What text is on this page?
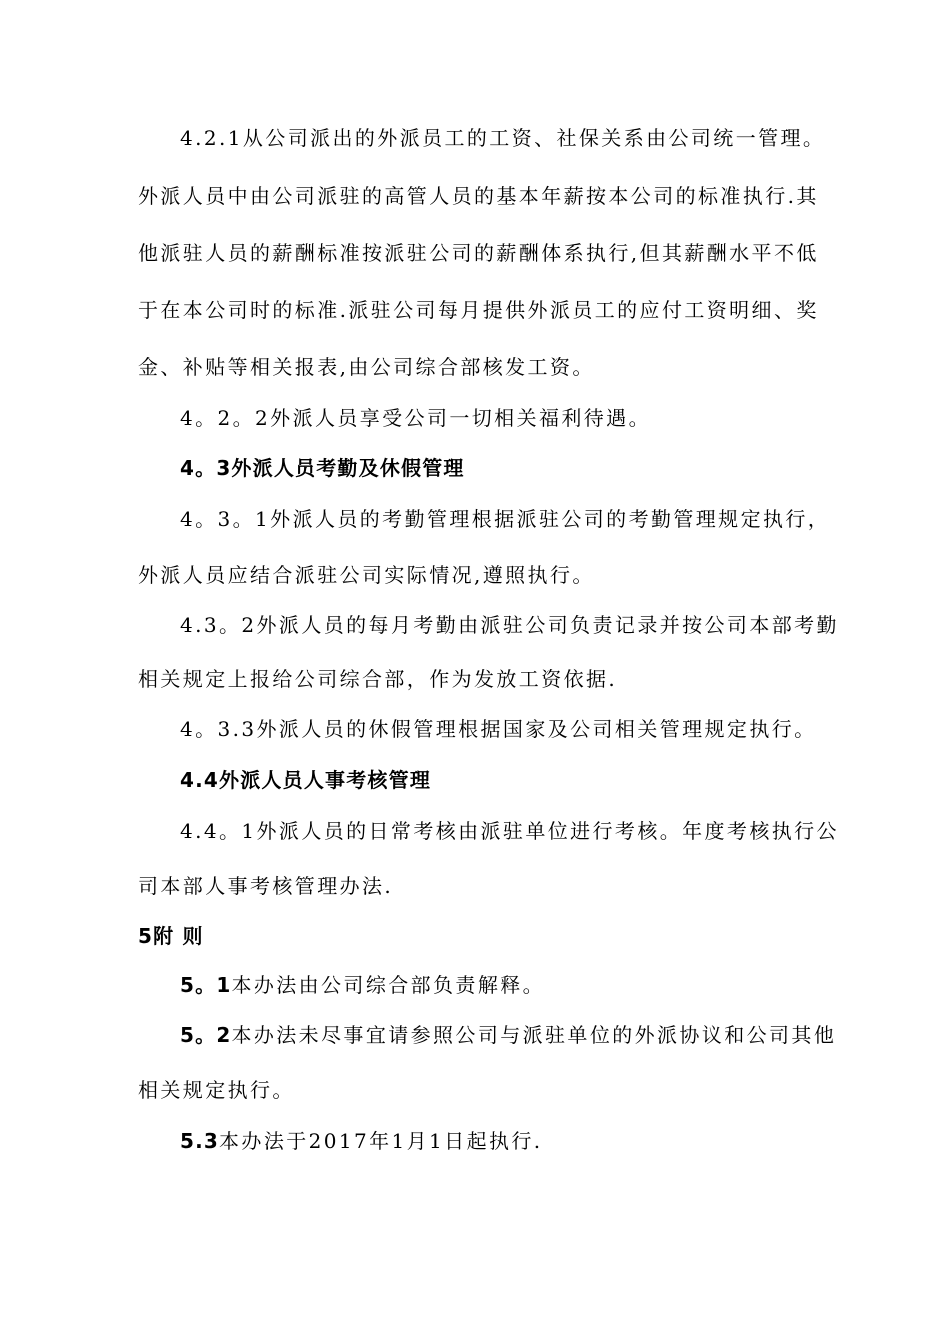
4.2.1从公司派出的外派员工的工资、社保关系由公司统一管理。
外派人员中由公司派驻的高管人员的基本年薪按本公司的标准执行.其
他派驻人员的薪酬标准按派驻公司的薪酬体系执行,但其薪酬水平不低
于在本公司时的标准.派驻公司每月提供外派员工的应付工资明细、奖
金、补贴等相关报表,由公司综合部核发工资。
4。2。2外派人员享受公司一切相关福利待遇。
4。3外派人员考勤及休假管理
4。3。1外派人员的考勤管理根据派驻公司的考勤管理规定执行，
外派人员应结合派驻公司实际情况,遵照执行。
4.3。2外派人员的每月考勤由派驻公司负责记录并按公司本部考勤
相关规定上报给公司综合部，作为发放工资依据.
4。3.3外派人员的休假管理根据国家及公司相关管理规定执行。
4.4外派人员人事考核管理
4.4。1外派人员的日常考核由派驻单位进行考核。年度考核执行公
司本部人事考核管理办法.
5附 则
5。1本办法由公司综合部负责解释。
5。2本办法未尽事宜请参照公司与派驻单位的外派协议和公司其他
相关规定执行。
5.3本办法于2017年1月1日起执行.
